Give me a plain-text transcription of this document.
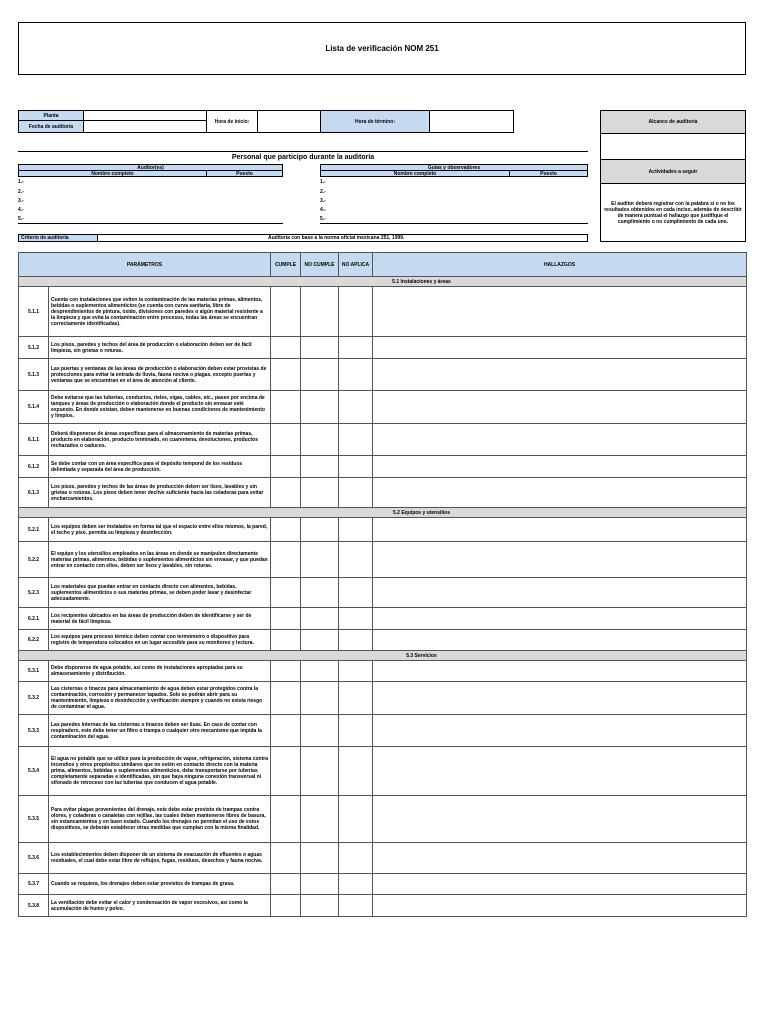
Lista de verificación NOM 251
Planta
Fecha de auditoría
Hora de inicio:	Hora de término:	Alcance de auditoría
Actividades a seguir
El auditor deberá registrar con la palabra si o no los resultados obtenidos en cada inciso, además de describir de manera puntual el hallazgo que justifique el cumplimiento o no cumplimiento de cada uno.
Personal que participo durante la auditoría
Auditor(es)
Nombre completo	Puesto
Guías y observadores
Nombre completo	Puesto
1.-
2.-
3.-
4.-
5.-
1.-
2.-
3.-
4.-
5.-
Criterio de auditoría	Auditoría con base a la norma oficial mexicana 251, 1999.
PARÁMETROS		CUMPLE	NO CUMPLE	NO APLICA	HALLAZGOS
5.1 Instalaciones y áreas					
5.1.1	Cuenta con instalaciones que eviten la contaminación de las materias primas, alimentos, bebidas o suplementos alimenticios (se cuenta con curva sanitaria, libre de desprendimientos de pintura, óxido, divisiones con paredes o algún material resistente a la limpieza y que evita la contaminación entre procesos, todas las áreas se encuentran correctamente identificadas).				
5.1.2	Los pisos, paredes y techos del área de producción o elaboración deben ser de fácil limpieza, sin grietas o roturas.				
5.1.3	Las puertas y ventanas de las áreas de producción o elaboración deben estar provistas de protecciones para evitar la entrada de lluvia, fauna nociva o plagas, excepto puertas y ventanas que se encuentran en el área de atención al cliente.				
5.1.4	Debe evitarse que las tuberías, conductos, rieles, vigas, cables, etc., pasen por encima de tanques y áreas de producción o elaboración donde el producto sin envasar esté expuesto. En donde existan, deben mantenerse en buenas condiciones de mantenimiento y limpios.				
6.1.1	Deberá disponerse de áreas específicas para el almacenamiento de materias primas, producto en elaboración, producto terminado, en cuarentena, devoluciones, productos rechazados o caducos.				
6.1.2	Se debe contar con un área específica para el depósito temporal de los residuos delimitada y separada del área de producción.				
6.1.3	Los pisos, paredes y techos de las áreas de producción deben ser lisos, lavables y sin grietas o roturas. Los pisos deben tener declive suficiente hacia las coladeras para evitar encharcamientos.				
5.2 Equipos y utensilios					
5.2.1	Los equipos deben ser instalados en forma tal que el espacio entre ellos mismos, la pared, el techo y piso, permita su limpieza y desinfección.				
5.2.2	El equipo y los utensilios empleados en las áreas en donde se manipulen directamente materias primas, alimentos, bebidas o suplementos alimenticios sin envasar, y que puedan entrar en contacto con ellos, deben ser lisos y lavables, sin roturas.				
5.2.3	Los materiales que puedan entrar en contacto directo con alimentos, bebidas, suplementos alimenticios o sus materias primas, se deben poder lavar y desinfectar adecuadamente.				
6.2.1	Los recipientes ubicados en las áreas de producción deben de identificarse y ser de material de fácil limpieza.				
6.2.2	Los equipos para proceso térmico deben contar con termómetro o dispositivo para registro de temperatura colocados en un lugar accesible para su monitoreo y lectura.				
5.3 Servicios					
5.3.1	Debe disponerse de agua potable, así como de instalaciones apropiadas para su almacenamiento y distribución.				
5.3.2	Las cisternas o tinacos para almacenamiento de agua deben estar protegidos contra la contaminación, corrosión y permanecer tapados. Solo se podrán abrir para su mantenimiento, limpieza o desinfección y verificación siempre y cuando no exista riesgo de contaminar el agua.				
5.3.3	Las paredes internas de las cisternas o tinacos deben ser lisas. En caso de contar con respiradero, este debe tener un filtro o trampa o cualquier otro mecanismo que impida la contaminación del agua.				
5.3.4	El agua no potable que se utilice para la producción de vapor, refrigeración, sistema contra incendios y otros propósitos similares que no estén en contacto directo con la materia prima, alimentos, bebidas o suplementos alimenticios, debe transportarse por tuberías completamente separadas e identificadas, sin que haya ninguna conexión transversal ni sifonado de retroceso con las tuberías que conducen el agua potable.				
5.3.5	Para evitar plagas provenientes del drenaje, este debe estar provisto de trampas contra olores, y coladeras o canaletas con rejillas, las cuales deben mantenerse libres de basura, sin estancamientos y en buen estado. Cuando los drenajes no permitan el uso de estos dispositivos, se deberán establecer otras medidas que cumplan con la misma finalidad.				
5.3.6	Los establecimientos deben disponer de un sistema de evacuación de efluentes o aguas residuales, el cual debe estar libre de reflujos, fugas, residuos, desechos y fauna nociva.				
5.3.7	Cuando se requiera, los drenajes deben estar provistos de trampas de grasa.				
5.3.8	La ventilación debe evitar el calor y condensación de vapor excesivos, así como la acumulación de humo y polvo.				
